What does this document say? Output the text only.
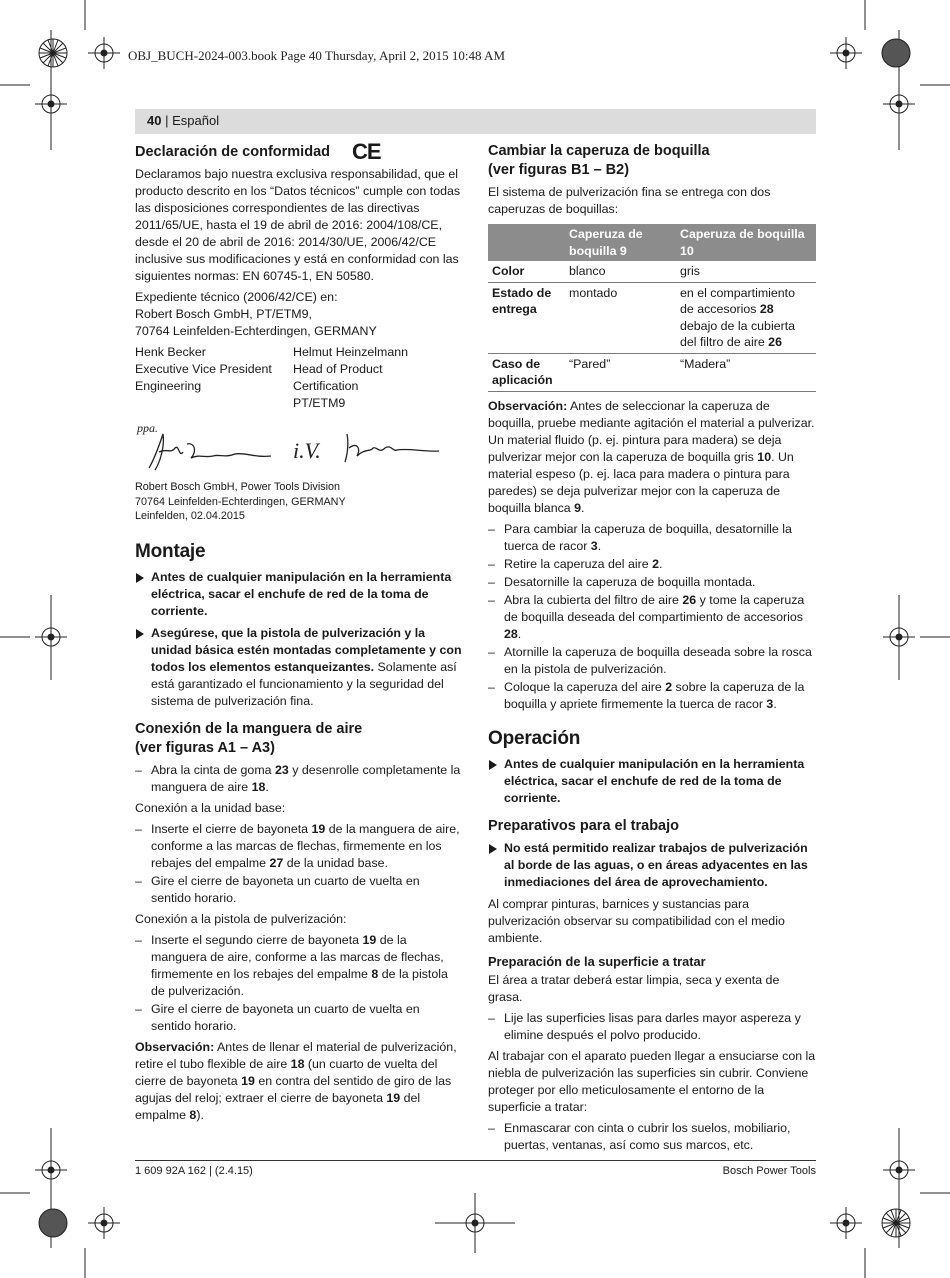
OBJ_BUCH-2024-003.book Page 40 Thursday, April 2, 2015 10:48 AM
40 | Español
Declaración de conformidad CE

Declaramos bajo nuestra exclusiva responsabilidad, que el producto descrito en los “Datos técnicos” cumple con todas las disposiciones correspondientes de las directivas 2011/65/UE, hasta el 19 de abril de 2016: 2004/108/CE, desde el 20 de abril de 2016: 2014/30/UE, 2006/42/CE inclusive sus modificaciones y está en conformidad con las siguientes normas: EN 60745-1, EN 50580.

Expediente técnico (2006/42/CE) en:
Robert Bosch GmbH, PT/ETM9,
70764 Leinfelden-Echterdingen, GERMANY

Henk Becker
Executive Vice President
Engineering
Helmut Heinzelmann
Head of Product Certification
PT/ETM9
ppa.
i.V.

Robert Bosch GmbH, Power Tools Division
70764 Leinfelden-Echterdingen, GERMANY
Leinfelden, 02.04.2015

Montaje
Antes de cualquier manipulación en la herramienta eléctrica, sacar el enchufe de red de la toma de corriente.
Asegúrese, que la pistola de pulverización y la unidad básica estén montadas completamente y con todos los elementos estanqueizantes. Solamente así está garantizado el funcionamiento y la seguridad del sistema de pulverización fina.
Conexión de la manguera de aire
(ver figuras A1 – A3)
– Abra la cinta de goma 23 y desenrolle completamente la manguera de aire 18.

Conexión a la unidad base:

– Inserte el cierre de bayoneta 19 de la manguera de aire, conforme a las marcas de flechas, firmemente en los rebajes del empalme 27 de la unidad base.
– Gire el cierre de bayoneta un cuarto de vuelta en sentido horario.

Conexión a la pistola de pulverización:

– Inserte el segundo cierre de bayoneta 19 de la manguera de aire, conforme a las marcas de flechas, firmemente en los rebajes del empalme 8 de la pistola de pulverización.
– Gire el cierre de bayoneta un cuarto de vuelta en sentido horario.

Observación: Antes de llenar el material de pulverización, retire el tubo flexible de aire 18 (un cuarto de vuelta del cierre de bayoneta 19 en contra del sentido de giro de las agujas del reloj; extraer el cierre de bayoneta 19 del empalme 8).

Cambiar la caperuza de boquilla
(ver figuras B1 – B2)

El sistema de pulverización fina se entrega con dos caperuzas de boquillas:

	Caperuza de boquilla 9	Caperuza de boquilla 10
Color	blanco	gris
Estado de entrega	montado	en el compartimiento de accesorios 28 debajo de la cubierta del filtro de aire 26
Caso de aplicación	“Pared”	“Madera”

Observación: Antes de seleccionar la caperuza de boquilla, pruebe mediante agitación el material a pulverizar. Un material fluido (p. ej. pintura para madera) se deja pulverizar mejor con la caperuza de boquilla gris 10. Un material espeso (p. ej. laca para madera o pintura para paredes) se deja pulverizar mejor con la caperuza de boquilla blanca 9.

– Para cambiar la caperuza de boquilla, desatornille la tuerca de racor 3.
– Retire la caperuza del aire 2.
– Desatornille la caperuza de boquilla montada.
– Abra la cubierta del filtro de aire 26 y tome la caperuza de boquilla deseada del compartimiento de accesorios 28.
– Atornille la caperuza de boquilla deseada sobre la rosca en la pistola de pulverización.
– Coloque la caperuza del aire 2 sobre la caperuza de la boquilla y apriete firmemente la tuerca de racor 3.
Operación
Antes de cualquier manipulación en la herramienta eléctrica, sacar el enchufe de red de la toma de corriente.
Preparativos para el trabajo
No está permitido realizar trabajos de pulverización al borde de las aguas, o en áreas adyacentes en las inmediaciones del área de aprovechamiento.

Al comprar pinturas, barnices y sustancias para pulverización observar su compatibilidad con el medio ambiente.

Preparación de la superficie a tratar

El área a tratar deberá estar limpia, seca y exenta de grasa.

– Lije las superficies lisas para darles mayor aspereza y elimine después el polvo producido.

Al trabajar con el aparato pueden llegar a ensuciarse con la niebla de pulverización las superficies sin cubrir. Conviene proteger por ello meticulosamente el entorno de la superficie a tratar:

– Enmascarar con cinta o cubrir los suelos, mobiliario, puertas, ventanas, así como sus marcos, etc.
1 609 92A 162 | (2.4.15)	Bosch Power Tools
